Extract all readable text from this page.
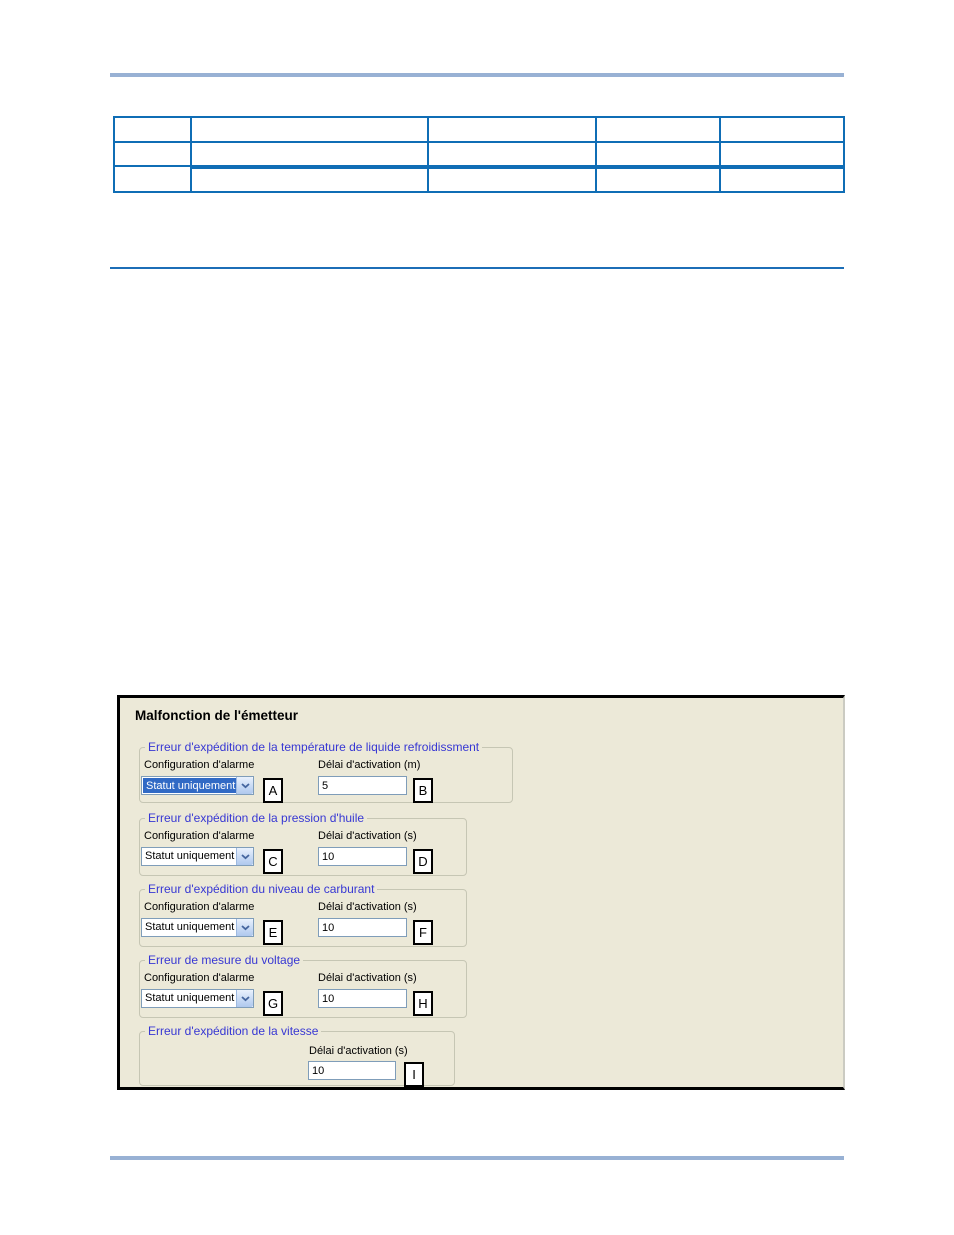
Malfonction de l'émetteur
Erreur d'expédition de la température de liquide refroidissment
Configuration d'alarme	Délai d'activation (m)
Statut uniquement	A
5	B
Erreur d'expédition de la pression d'huile
Configuration d'alarme	Délai d'activation (s)
Statut uniquement	C
10	D
Erreur d'expédition du niveau de carburant
Configuration d'alarme	Délai d'activation (s)
Statut uniquement	E
10	F
Erreur de mesure du voltage
Configuration d'alarme	Délai d'activation (s)
Statut uniquement	G
10	H
Erreur d'expédition de la vitesse
Délai d'activation (s)
10
I
